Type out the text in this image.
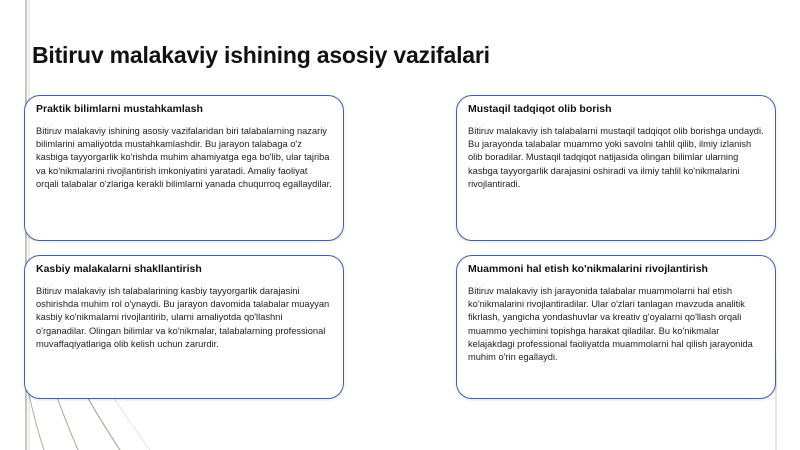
Bitiruv malakaviy ishining asosiy vazifalari
Praktik bilimlarni mustahkamlash

Bitiruv malakaviy ishining asosiy vazifalaridan biri talabalarning nazariy bilimlarini amaliyotda mustahkamlashdir. Bu jarayon talabaga o'z kasbiga tayyorgarlik ko'rishda muhim ahamiyatga ega bo'lib, ular tajriba va ko'nikmalarini rivojlantirish imkoniyatini yaratadi. Amaliy faoliyat orqali talabalar o'zlariga kerakli bilimlarni yanada chuqurroq egallaydilar.

Mustaqil tadqiqot olib borish

Bitiruv malakaviy ish talabalarni mustaqil tadqiqot olib borishga undaydi. Bu jarayonda talabalar muammo yoki savolni tahlil qilib, ilmiy izlanish olib boradilar. Mustaqil tadqiqot natijasida olingan bilimlar ularning kasbga tayyorgarlik darajasini oshiradi va ilmiy tahlil ko'nikmalarini rivojlantiradi.

Kasbiy malakalarni shakllantirish

Bitiruv malakaviy ish talabalarining kasbiy tayyorgarlik darajasini oshirishda muhim rol o'ynaydi. Bu jarayon davomida talabalar muayyan kasbiy ko'nikmalarni rivojlantirib, ularni amaliyotda qo'llashni o'rganadilar. Olingan bilimlar va ko'nikmalar, talabalarning professional muvaffaqiyatlariga olib kelish uchun zarurdir.

Muammoni hal etish ko'nikmalarini rivojlantirish

Bitiruv malakaviy ish jarayonida talabalar muammolarni hal etish ko'nikmalarini rivojlantiradilar. Ular o'zlari tanlagan mavzuda analitik fikrlash, yangicha yondashuvlar va kreativ g'oyalarni qo'llash orqali muammo yechimini topishga harakat qiladilar. Bu ko'nikmalar kelajakdagi professional faoliyatda muammolarni hal qilish jarayonida muhim o'rin egallaydi.
